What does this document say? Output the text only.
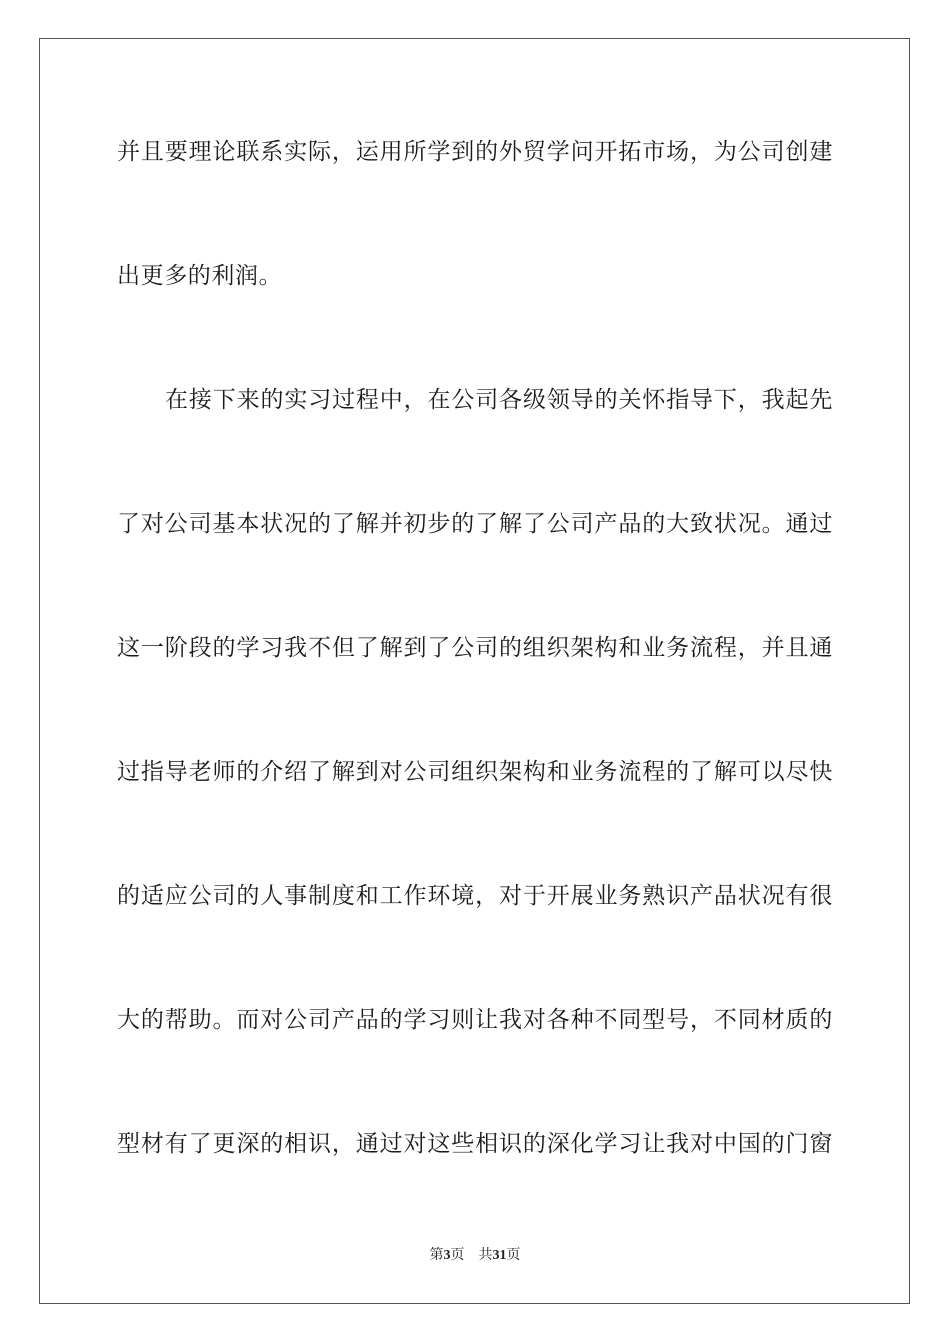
并且要理论联系实际，运用所学到的外贸学问开拓市场，为公司创建
出更多的利润。
在接下来的实习过程中，在公司各级领导的关怀指导下，我起先
了对公司基本状况的了解并初步的了解了公司产品的大致状况。通过
这一阶段的学习我不但了解到了公司的组织架构和业务流程，并且通
过指导老师的介绍了解到对公司组织架构和业务流程的了解可以尽快
的适应公司的人事制度和工作环境，对于开展业务熟识产品状况有很
大的帮助。而对公司产品的学习则让我对各种不同型号，不同材质的
型材有了更深的相识，通过对这些相识的深化学习让我对中国的门窗
第3页 共31页
